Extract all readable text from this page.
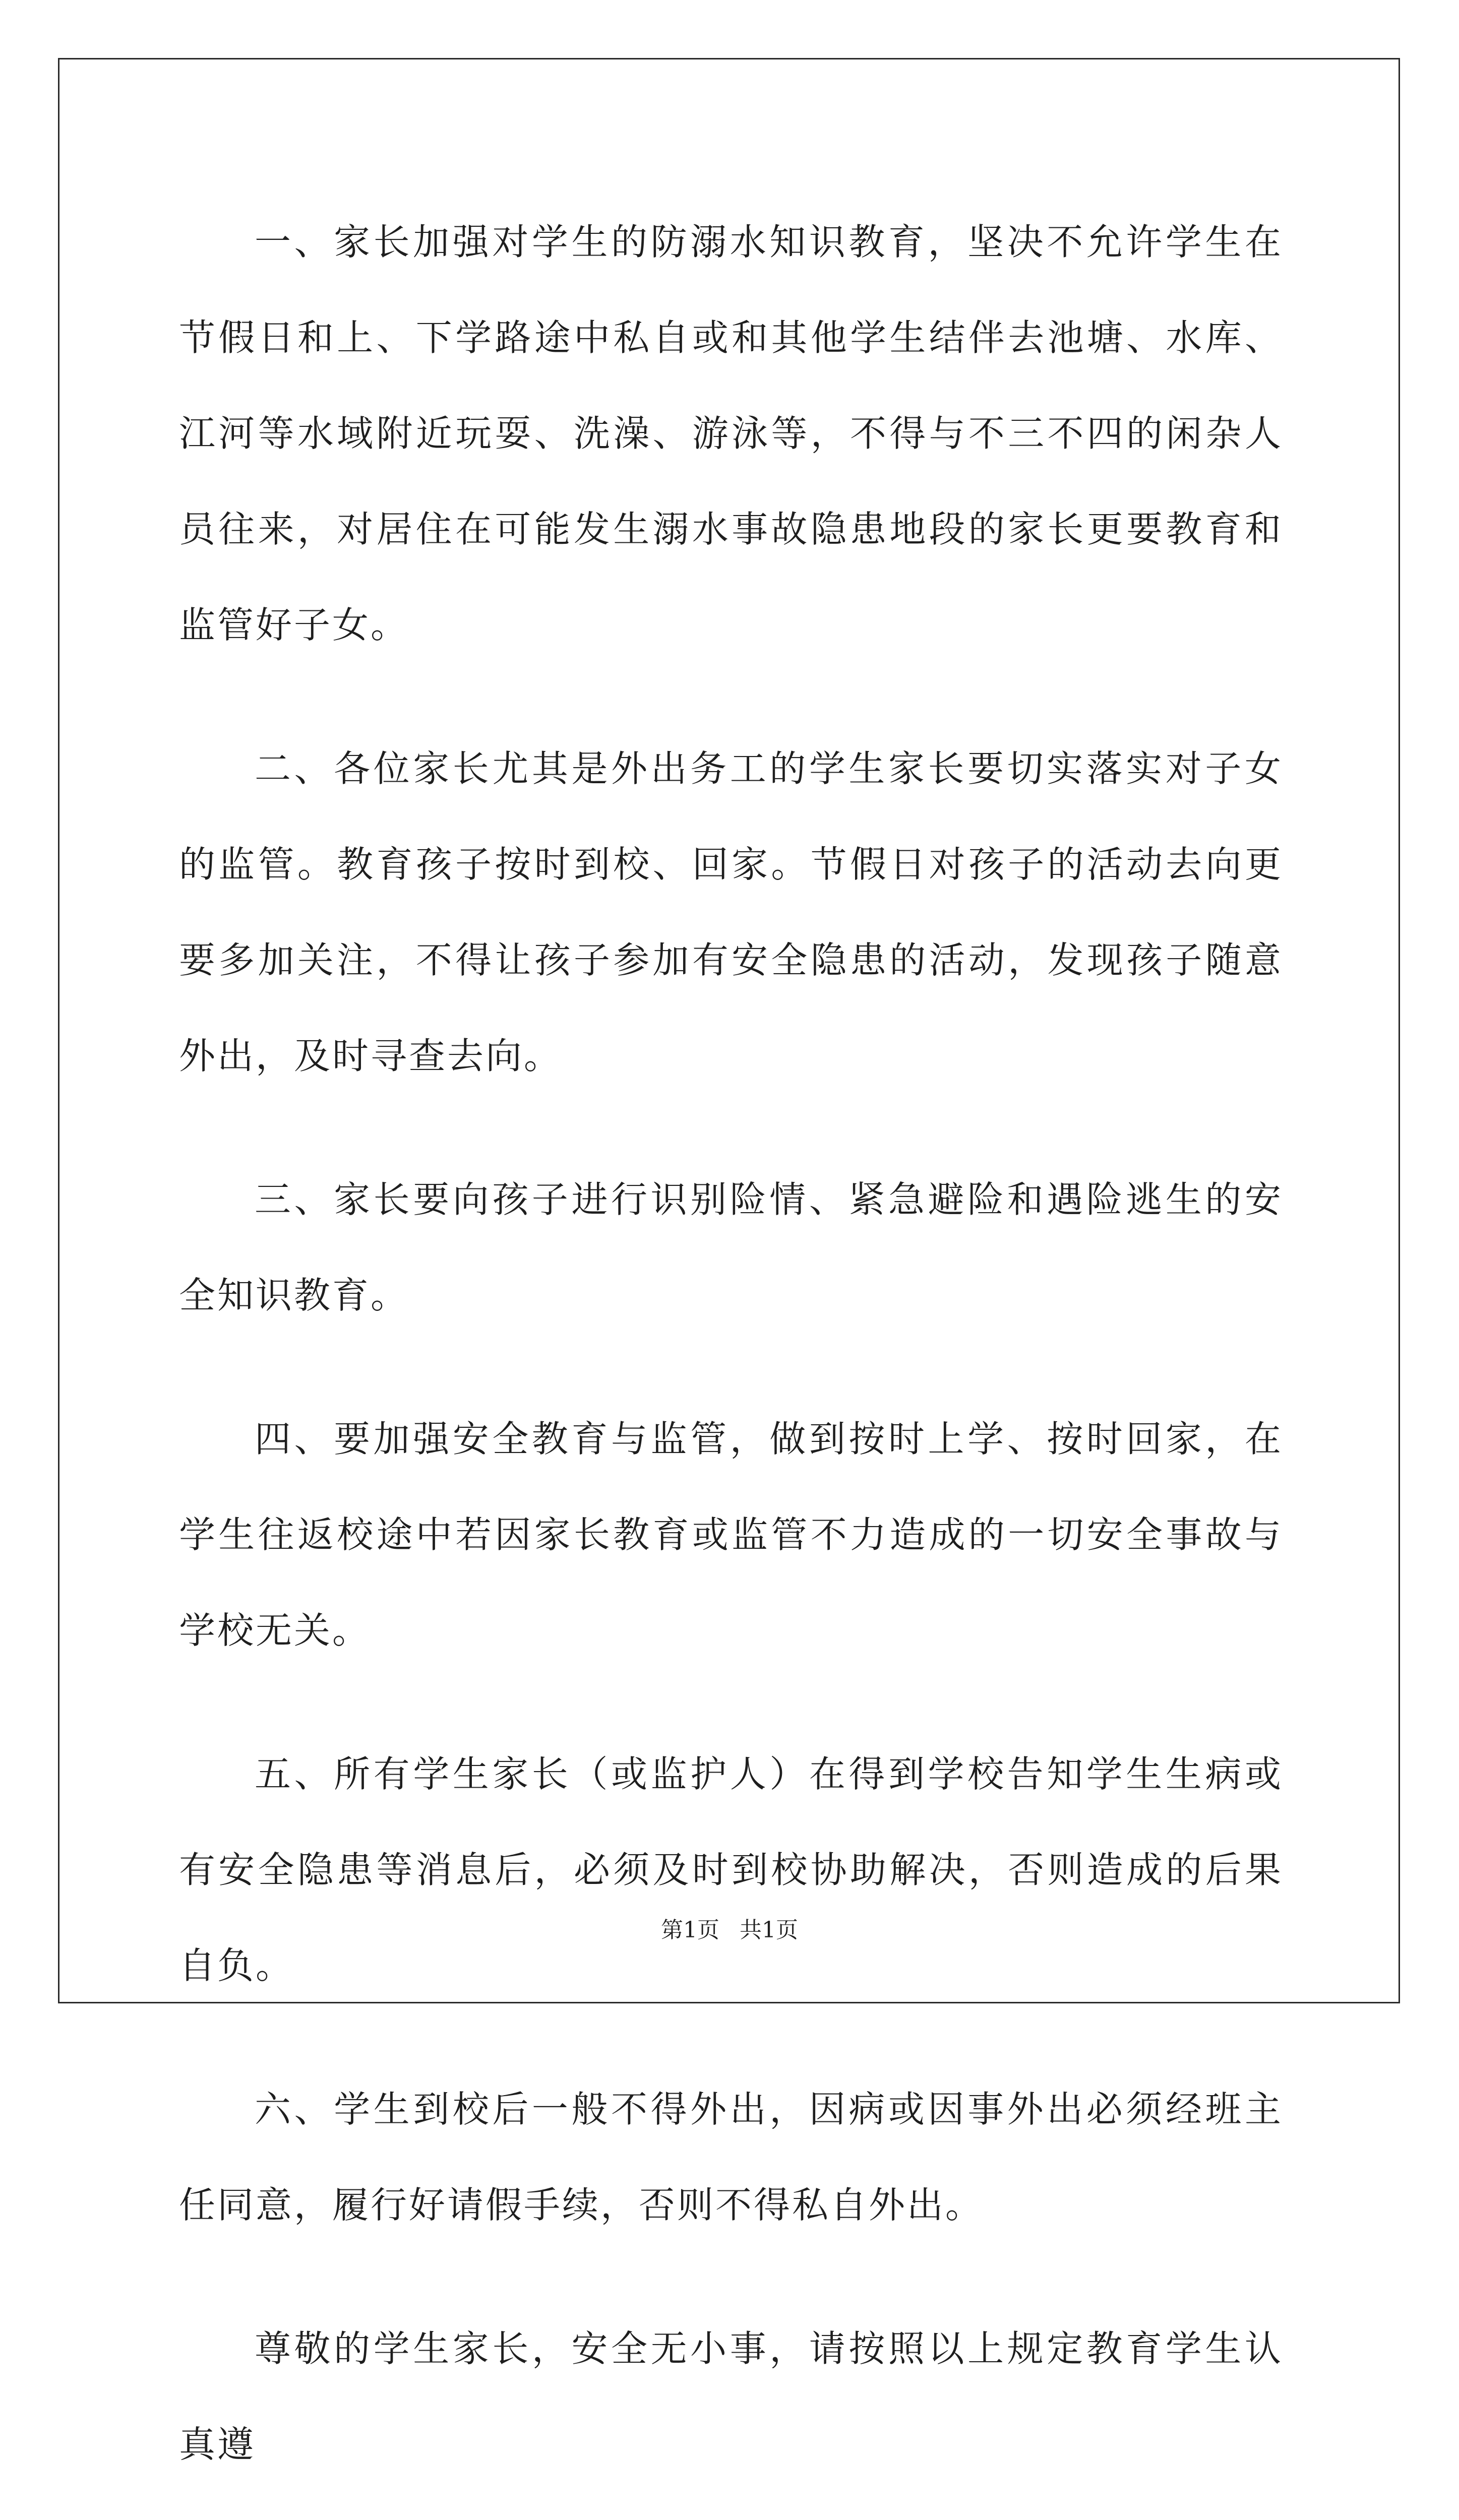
一、家长加强对学生的防溺水知识教育，坚决不允许学生在节假日和上、下学路途中私自或和其他学生结伴去池塘、水库、江河等水域附近玩耍、洗澡、游泳等，不得与不三不四的闲杂人员往来，对居住在可能发生溺水事故隐患地段的家长更要教育和监管好子女。

二、各位家长尤其是外出务工的学生家长要切实落实对子女的监管。教育孩子按时到校、回家。节假日对孩子的活动去向更要多加关注，不得让孩子参加有安全隐患的活动，发现孩子随意外出，及时寻查去向。

三、家长要向孩子进行识别险情、紧急避险和遇险逃生的安全知识教育。

四、要加强安全教育与监管，做到按时上学、按时回家，在学生往返校途中若因家长教育或监管不力造成的一切安全事故与学校无关。

五、所有学生家长（或监护人）在得到学校告知学生生病或有安全隐患等消息后，必须及时到校协助解决，否则造成的后果自负。

六、学生到校后一般不得外出，因病或因事外出必须经班主任同意，履行好请假手续，否则不得私自外出。

尊敬的学生家长，安全无小事，请按照以上规定教育学生认真遵

第1页 共1页
